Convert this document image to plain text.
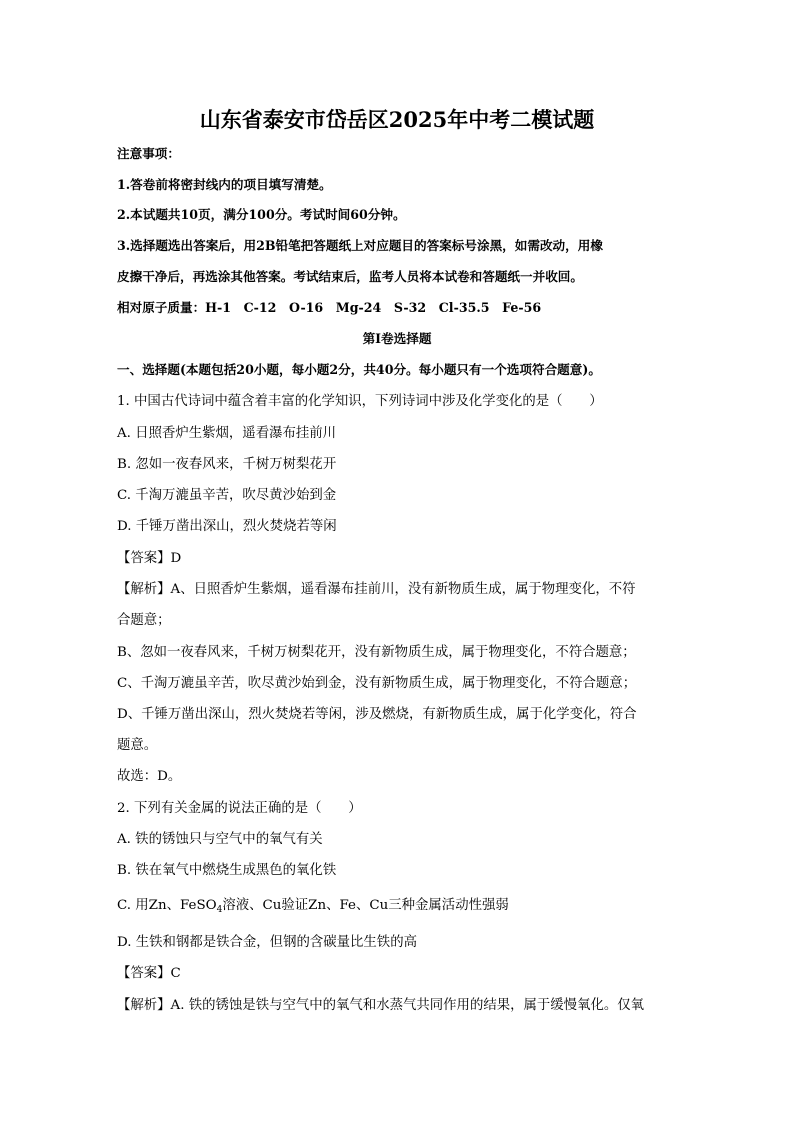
山东省泰安市岱岳区2025年中考二模试题
注意事项：
1.答卷前将密封线内的项目填写清楚。
2.本试题共10页，满分100分。考试时间60分钟。
3.选择题选出答案后，用2B铅笔把答题纸上对应题目的答案标号涂黑，如需改动，用橡
皮擦干净后，再选涂其他答案。考试结束后，监考人员将本试卷和答题纸一并收回。
相对原子质量：H-1　C-12　O-16　Mg-24　S-32　Cl-35.5　Fe-56
第Ⅰ卷选择题
一、选择题(本题包括20小题，每小题2分，共40分。每小题只有一个选项符合题意)。
1. 中国古代诗词中蕴含着丰富的化学知识，下列诗词中涉及化学变化的是（　　）
A. 日照香炉生紫烟，遥看瀑布挂前川
B. 忽如一夜春风来，千树万树梨花开
C. 千淘万漉虽辛苦，吹尽黄沙始到金
D. 千锤万凿出深山，烈火焚烧若等闲
【答案】D
【解析】A、日照香炉生紫烟，遥看瀑布挂前川，没有新物质生成，属于物理变化，不符
合题意；
B、忽如一夜春风来，千树万树梨花开，没有新物质生成，属于物理变化，不符合题意；
C、千淘万漉虽辛苦，吹尽黄沙始到金，没有新物质生成，属于物理变化，不符合题意；
D、千锤万凿出深山，烈火焚烧若等闲，涉及燃烧，有新物质生成，属于化学变化，符合
题意。
故选：D。
2. 下列有关金属的说法正确的是（　　）
A. 铁的锈蚀只与空气中的氧气有关
B. 铁在氧气中燃烧生成黑色的氧化铁
C. 用Zn、FeSO$_4$溶液、Cu验证Zn、Fe、Cu三种金属活动性强弱
D. 生铁和钢都是铁合金，但钢的含碳量比生铁的高
【答案】C
【解析】A. 铁的锈蚀是铁与空气中的氧气和水蒸气共同作用的结果，属于缓慢氧化。仅氧
